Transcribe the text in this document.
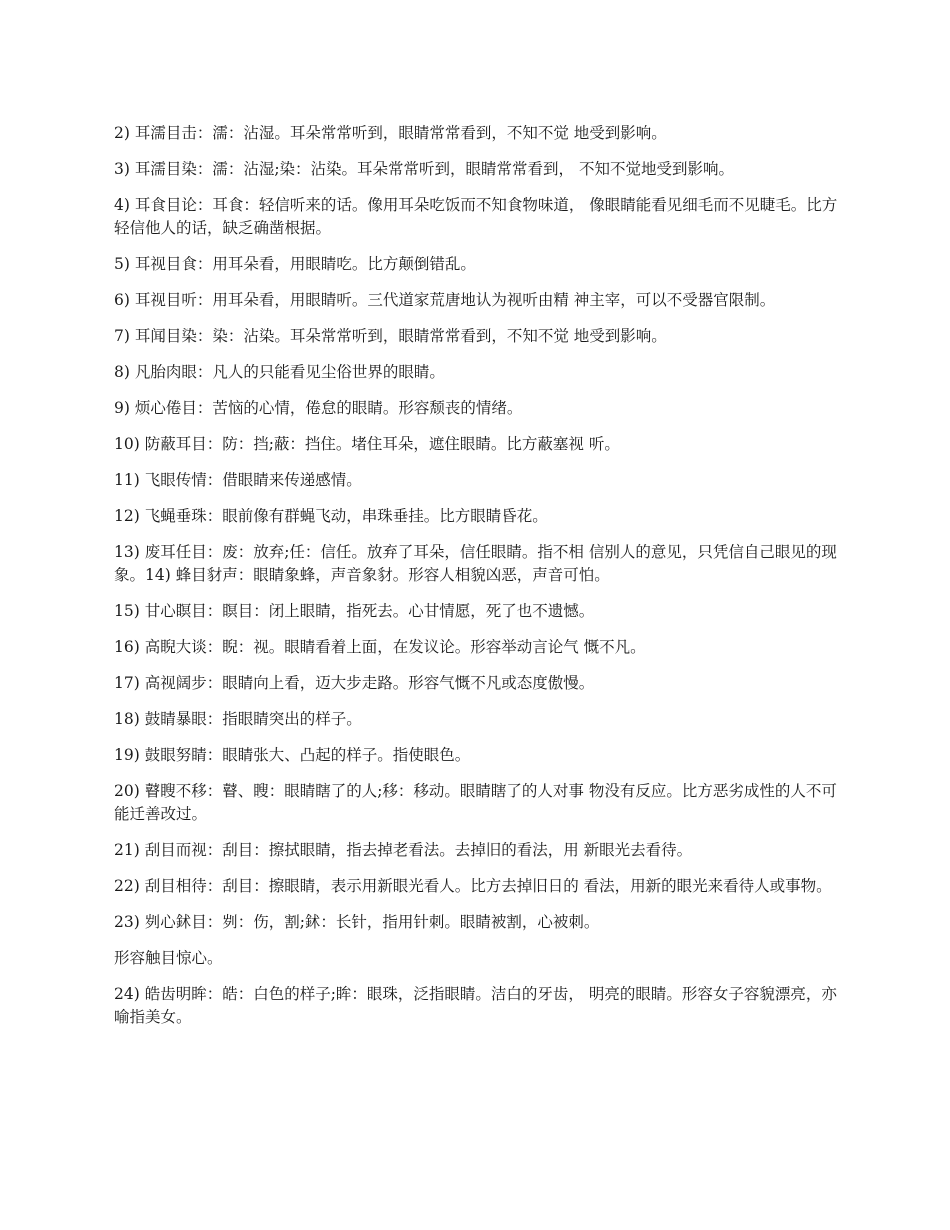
2) 耳濡目击：濡：沾湿。耳朵常常听到，眼睛常常看到，不知不觉 地受到影响。

3) 耳濡目染：濡：沾湿;染：沾染。耳朵常常听到，眼睛常常看到， 不知不觉地受到影响。

4) 耳食目论：耳食：轻信听来的话。像用耳朵吃饭而不知食物味道， 像眼睛能看见细毛而不见睫毛。比方轻信他人的话，缺乏确凿根据。

5) 耳视目食：用耳朵看，用眼睛吃。比方颠倒错乱。

6) 耳视目听：用耳朵看，用眼睛听。三代道家荒唐地认为视听由精 神主宰，可以不受器官限制。

7) 耳闻目染：染：沾染。耳朵常常听到，眼睛常常看到，不知不觉 地受到影响。

8) 凡胎肉眼：凡人的只能看见尘俗世界的眼睛。

9) 烦心倦目：苦恼的心情，倦怠的眼睛。形容颓丧的情绪。

10) 防蔽耳目：防：挡;蔽：挡住。堵住耳朵，遮住眼睛。比方蔽塞视 听。

11) 飞眼传情：借眼睛来传递感情。

12) 飞蝇垂珠：眼前像有群蝇飞动，串珠垂挂。比方眼睛昏花。

13) 废耳任目：废：放弃;任：信任。放弃了耳朵，信任眼睛。指不相 信别人的意见，只凭信自己眼见的现象。14) 蜂目豺声：眼睛象蜂，声音象豺。形容人相貌凶恶，声音可怕。

15) 甘心瞑目：瞑目：闭上眼睛，指死去。心甘情愿，死了也不遗憾。

16) 高睨大谈：睨：视。眼睛看着上面，在发议论。形容举动言论气 慨不凡。

17) 高视阔步：眼睛向上看，迈大步走路。形容气慨不凡或态度傲慢。

18) 鼓睛暴眼：指眼睛突出的样子。

19) 鼓眼努睛：眼睛张大、凸起的样子。指使眼色。

20) 瞽瞍不移：瞽、瞍：眼睛瞎了的人;移：移动。眼睛瞎了的人对事 物没有反应。比方恶劣成性的人不可能迁善改过。

21) 刮目而视：刮目：擦拭眼睛，指去掉老看法。去掉旧的看法，用 新眼光去看待。

22) 刮目相待：刮目：擦眼睛，表示用新眼光看人。比方去掉旧日的 看法，用新的眼光来看待人或事物。

23) 刿心鉥目：刿：伤，割;鉥：长针，指用针刺。眼睛被割，心被刺。

形容触目惊心。

24) 皓齿明眸：皓：白色的样子;眸：眼珠，泛指眼睛。洁白的牙齿， 明亮的眼睛。形容女子容貌漂亮，亦喻指美女。
